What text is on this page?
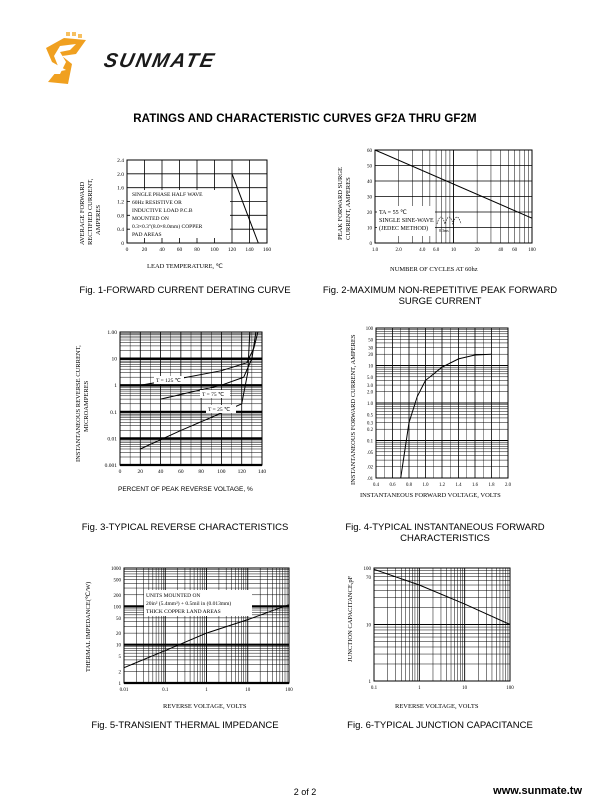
SUNMATE
RATINGS AND CHARACTERISTIC CURVES GF2A THRU GF2M
0
0.4
0.8
1.2
1.6
2.0
2.4
0 20 40 60 80 100 120 140 160
SINGLE PHASE HALF WAVE
60Hz RESISTIVE OR
INDUCTIVE LOAD P.C.B
MOUNTED ON
0.3×0.3"(8.0×8.0mm) COPPER
PAD AREAS
AVERAGE FORWARD RECTIFIED CURRENT, AMPERES
LEAD TEMPERATURE, ℃
Fig. 1-FORWARD CURRENT DERATING CURVE
0
10
20
30
40
50
60
1.0	2.0	4.0 6.0 10	20	40 60 100
TA = 55 ℃
SINGLE SINE-WAVE
(JEDEC METHOD)	8.3ms
PEAK FORWARD SURGE CURRENT, AMPERES
NUMBER OF CYCLES AT 60hz
Fig. 2-MAXIMUM NON-REPETITIVE PEAK FORWARD
SURGE CURRENT
0.001
0.01
0.1
1
10
1.00
0	20	40	60	80 100 120 140
T = 125 ℃
T = 75 ℃
T = 25 ℃
INSTANTANEOUS REVERSE CURRENT, MICROAMPERES
PERCENT OF PEAK REVERSE VOLTAGE, %
Fig. 3-TYPICAL REVERSE CHARACTERISTICS
100
50
30
20
10
5.0
3.0
2.0
1.0
0.5
0.3
0.2
0.1
.05
.02
.01
0.4 0.6 0.8 1.0 1.2 1.4 1.6 1.8 2.0
INSTANTANEOUS FORWARD CURRENT, AMPERES
INSTANTANEOUS FORWARD VOLTAGE, VOLTS
Fig. 4-TYPICAL INSTANTANEOUS FORWARD
CHARACTERISTICS
1000
500
200
100
50
20
10
5
2
1
0.01	0.1	1	10	100
UNITS MOUNTED ON
20in² (5.4mm²) + 0.5mil in (0.013mm)
THICK COPPER LAND AREAS
THERMAL IMPEDANCE(℃/W)
REVERSE VOLTAGE, VOLTS
Fig. 5-TRANSIENT THERMAL IMPEDANCE
100
70
10
1
0.1	1	10	100
JUNCTION CAPACITANCE,pF
REVERSE VOLTAGE, VOLTS
Fig. 6-TYPICAL JUNCTION CAPACITANCE
2 of 2	www.sunmate.tw
